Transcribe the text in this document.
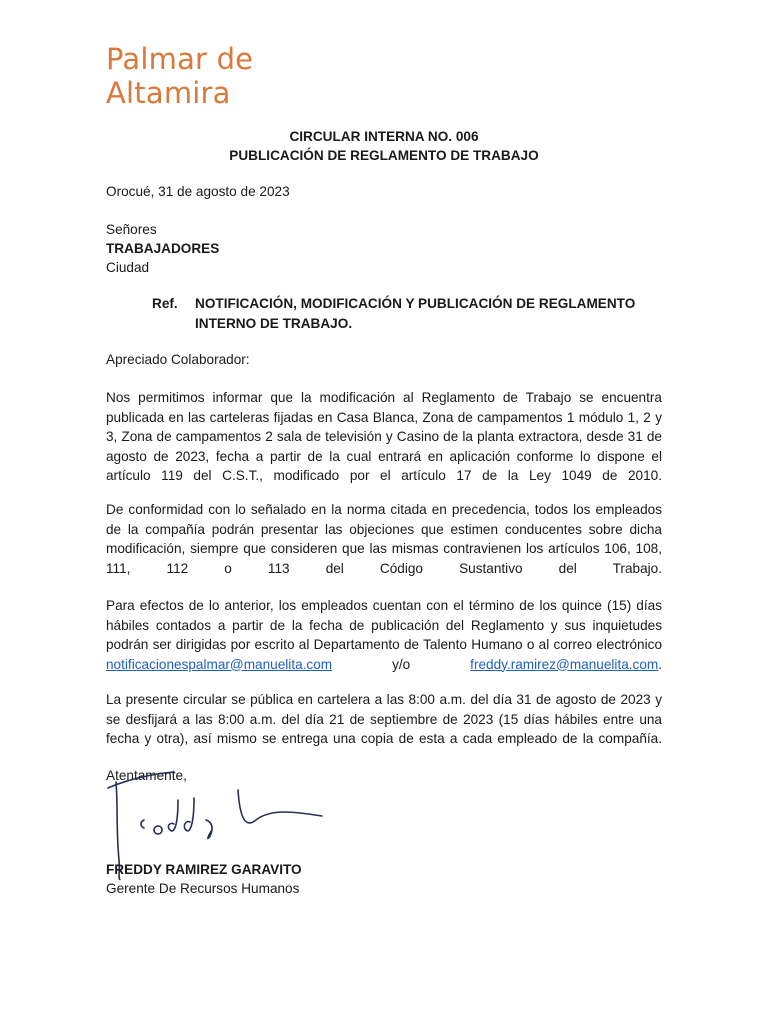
Palmar de
Altamira
CIRCULAR INTERNA NO. 006
PUBLICACIÓN DE REGLAMENTO DE TRABAJO
Orocué, 31 de agosto de 2023
Señores
TRABAJADORES
Ciudad
Ref. NOTIFICACIÓN, MODIFICACIÓN Y PUBLICACIÓN DE REGLAMENTO INTERNO DE TRABAJO.
Apreciado Colaborador:
Nos permitimos informar que la modificación al Reglamento de Trabajo se encuentra publicada en las carteleras fijadas en Casa Blanca, Zona de campamentos 1 módulo 1, 2 y 3, Zona de campamentos 2 sala de televisión y Casino de la planta extractora, desde 31 de agosto de 2023, fecha a partir de la cual entrará en aplicación conforme lo dispone el artículo 119 del C.S.T., modificado por el artículo 17 de la Ley 1049 de 2010.
De conformidad con lo señalado en la norma citada en precedencia, todos los empleados de la compañía podrán presentar las objeciones que estimen conducentes sobre dicha modificación, siempre que consideren que las mismas contravienen los artículos 106, 108, 111, 112 o 113 del Código Sustantivo del Trabajo.
Para efectos de lo anterior, los empleados cuentan con el término de los quince (15) días hábiles contados a partir de la fecha de publicación del Reglamento y sus inquietudes podrán ser dirigidas por escrito al Departamento de Talento Humano o al correo electrónico notificacionespalmar@manuelita.com	y/o	freddy.ramirez@manuelita.com.
La presente circular se pública en cartelera a las 8:00 a.m. del día 31 de agosto de 2023 y se desfijará a las 8:00 a.m. del día 21 de septiembre de 2023 (15 días hábiles entre una fecha y otra), así mismo se entrega una copia de esta a cada empleado de la compañía.
Atentamente,
FREDDY RAMIREZ GARAVITO
Gerente De Recursos Humanos
